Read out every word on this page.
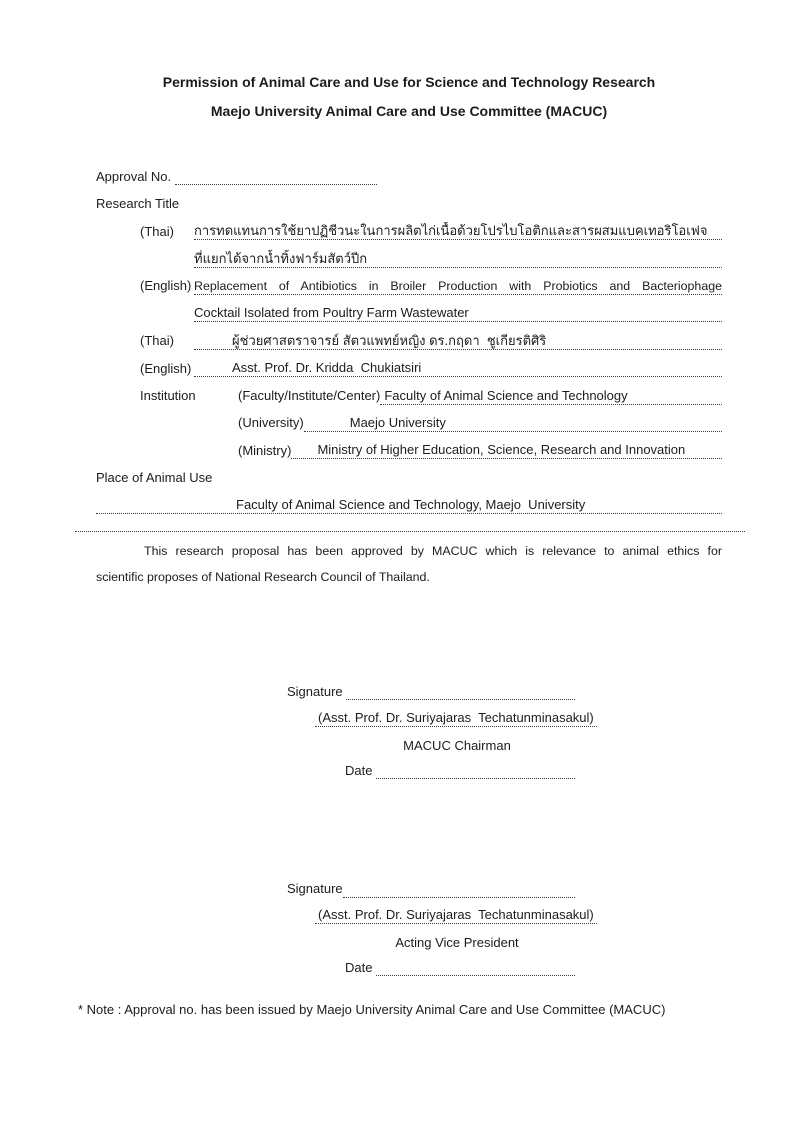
Permission of Animal Care and Use for Science and Technology Research
Maejo University Animal Care and Use Committee (MACUC)
Approval No.

Research Title
(Thai)	การทดแทนการใช้ยาปฏิชีวนะในการผลิตไก่เนื้อด้วยโปรไบโอติกและสารผสมแบคเทอริโอเฟจ
ที่แยกได้จากน้ำทิ้งฟาร์มสัตว์ปีก
(English) Replacement of Antibiotics in Broiler Production with Probiotics and Bacteriophage
Cocktail Isolated from Poultry Farm Wastewater
(Thai)	ผู้ช่วยศาสตราจารย์ สัตวแพทย์หญิง ดร.กฤดา  ชูเกียรติศิริ
(English)	Asst. Prof. Dr. Kridda  Chukiatsiri
Institution	(Faculty/Institute/Center) Faculty of Animal Science and Technology
(University)	Maejo University
(Ministry)	Ministry of Higher Education, Science, Research and Innovation
Place of Animal Use
Faculty of Animal Science and Technology, Maejo  University
This research proposal has been approved by MACUC which is relevance to animal ethics for
scientific proposes of National Research Council of Thailand.
Signature

(Asst. Prof. Dr. Suriyajaras  Techatunminasakul)
MACUC Chairman
Date

Signature
(Asst. Prof. Dr. Suriyajaras  Techatunminasakul)
Acting Vice President
Date

* Note : Approval no. has been issued by Maejo University Animal Care and Use Committee (MACUC)
